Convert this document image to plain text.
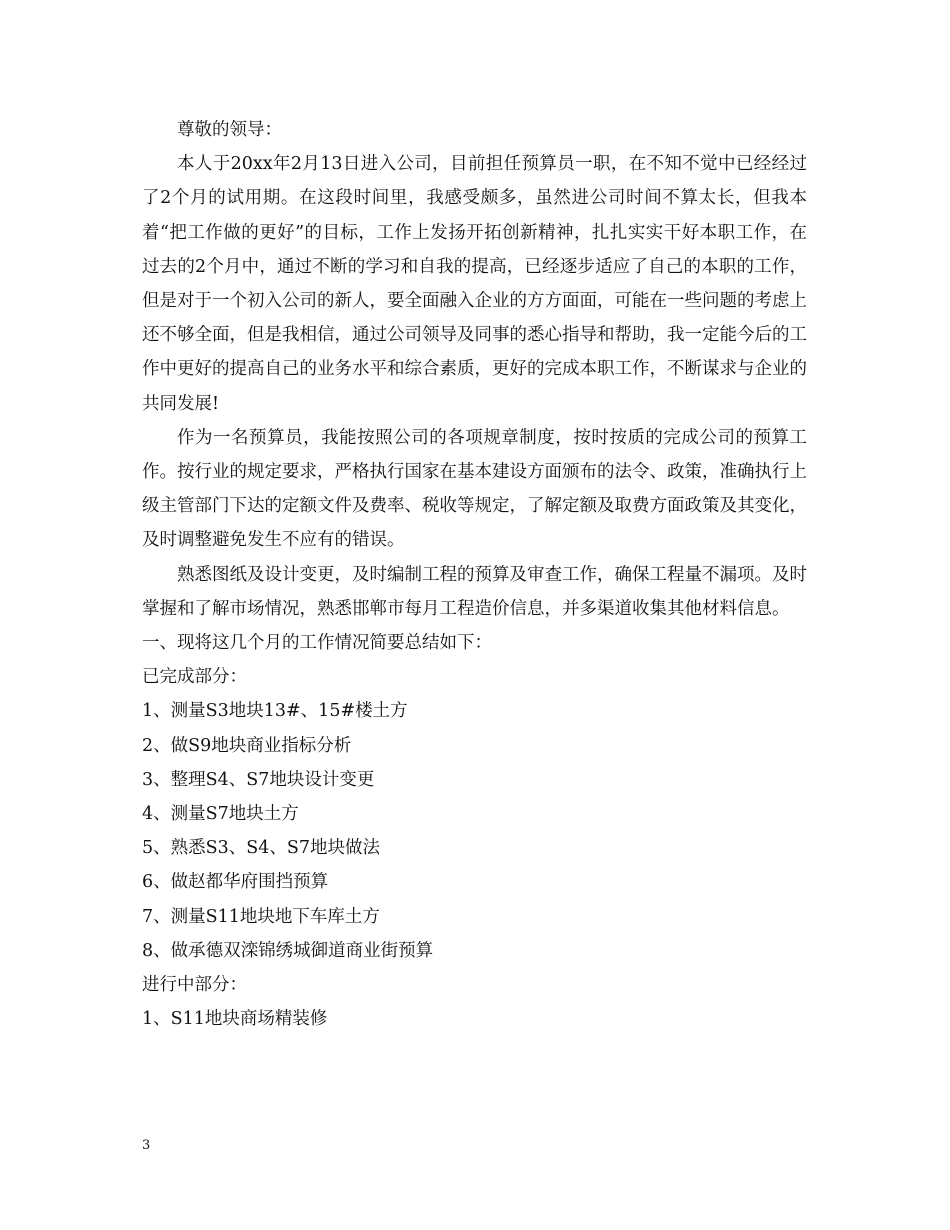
尊敬的领导：

本人于20xx年2月13日进入公司，目前担任预算员一职，在不知不觉中已经经过了2个月的试用期。在这段时间里，我感受颇多，虽然进公司时间不算太长，但我本着“把工作做的更好”的目标，工作上发扬开拓创新精神，扎扎实实干好本职工作，在过去的2个月中，通过不断的学习和自我的提高，已经逐步适应了自己的本职的工作，但是对于一个初入公司的新人，要全面融入企业的方方面面，可能在一些问题的考虑上还不够全面，但是我相信，通过公司领导及同事的悉心指导和帮助，我一定能今后的工作中更好的提高自己的业务水平和综合素质，更好的完成本职工作，不断谋求与企业的共同发展!

作为一名预算员，我能按照公司的各项规章制度，按时按质的完成公司的预算工作。按行业的规定要求，严格执行国家在基本建设方面颁布的法令、政策，准确执行上级主管部门下达的定额文件及费率、税收等规定，了解定额及取费方面政策及其变化，及时调整避免发生不应有的错误。

熟悉图纸及设计变更，及时编制工程的预算及审查工作，确保工程量不漏项。及时掌握和了解市场情况，熟悉邯郸市每月工程造价信息，并多渠道收集其他材料信息。

一、现将这几个月的工作情况简要总结如下：

已完成部分：

1、测量S3地块13#、15#楼土方

2、做S9地块商业指标分析

3、整理S4、S7地块设计变更

4、测量S7地块土方

5、熟悉S3、S4、S7地块做法

6、做赵都华府围挡预算

7、测量S11地块地下车库土方

8、做承德双滦锦绣城御道商业街预算

进行中部分：

1、S11地块商场精装修

3
